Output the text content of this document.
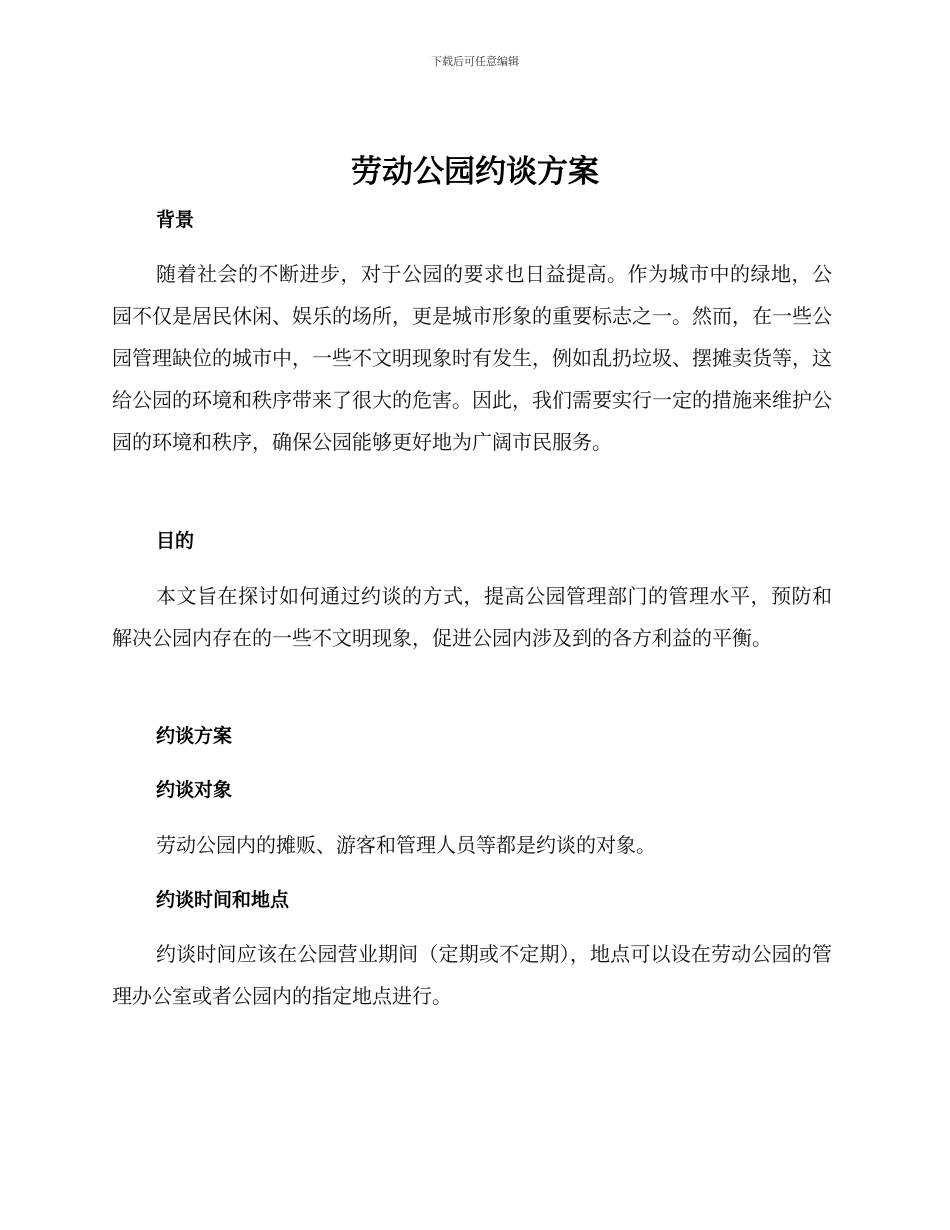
下载后可任意编辑
劳动公园约谈方案
背景

随着社会的不断进步，对于公园的要求也日益提高。作为城市中的绿地，公园不仅是居民休闲、娱乐的场所，更是城市形象的重要标志之一。然而，在一些公园管理缺位的城市中，一些不文明现象时有发生，例如乱扔垃圾、摆摊卖货等，这给公园的环境和秩序带来了很大的危害。因此，我们需要实行一定的措施来维护公园的环境和秩序，确保公园能够更好地为广阔市民服务。

目的

本文旨在探讨如何通过约谈的方式，提高公园管理部门的管理水平，预防和解决公园内存在的一些不文明现象，促进公园内涉及到的各方利益的平衡。

约谈方案
约谈对象

劳动公园内的摊贩、游客和管理人员等都是约谈的对象。

约谈时间和地点

约谈时间应该在公园营业期间（定期或不定期），地点可以设在劳动公园的管理办公室或者公园内的指定地点进行。
